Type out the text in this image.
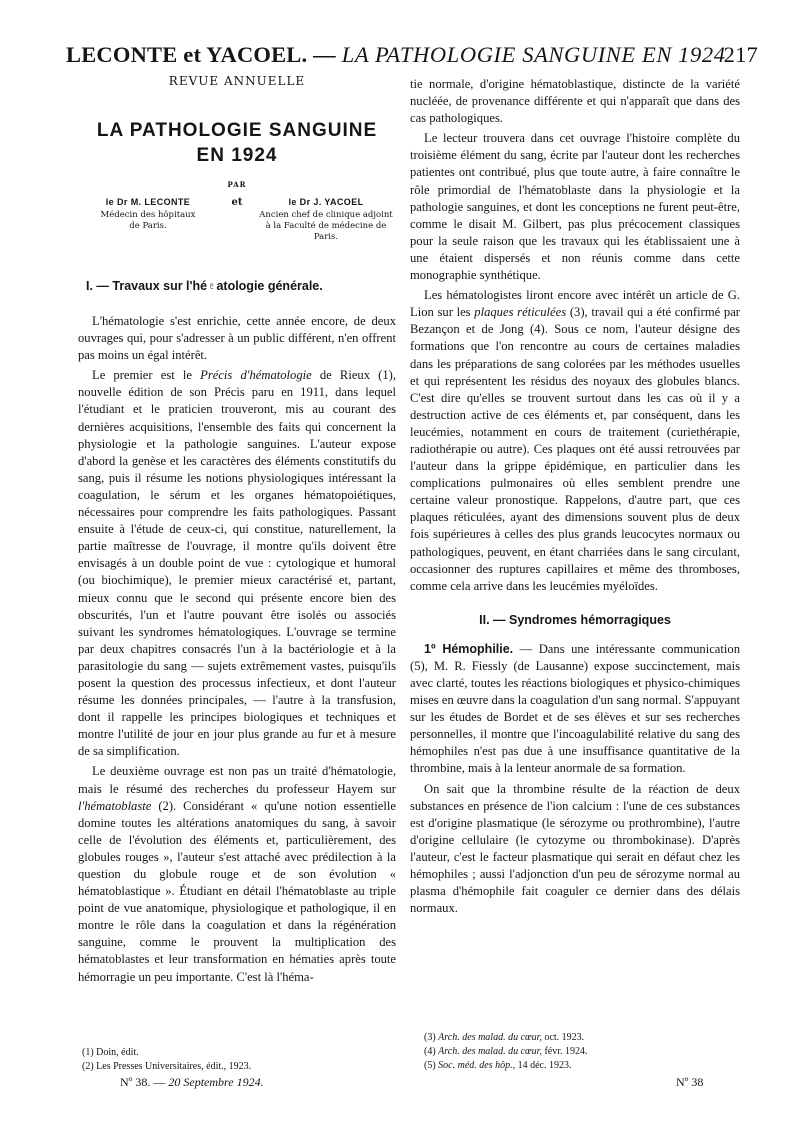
LECONTE et YACOEL. — LA PATHOLOGIE SANGUINE EN 1924
217
REVUE ANNUELLE
LA PATHOLOGIE SANGUINE
EN 1924
PAR
le Dr M. LECONTE
Médecin des hôpitaux
de Paris.
et	le Dr J. YACOEL
Ancien chef de clinique adjoint
à la Faculté de médecine de Paris.
I. — Travaux sur l'hé♇atologie générale.

L'hématologie s'est enrichie, cette année encore, de deux ouvrages qui, pour s'adresser à un public différent, n'en offrent pas moins un égal intérêt.

Le premier est le Précis d'hématologie de Rieux (1), nouvelle édition de son Précis paru en 1911, dans lequel l'étudiant et le praticien trouveront, mis au courant des dernières acquisitions, l'ensemble des faits qui concernent la physiologie et la pathologie sanguines. L'auteur expose d'abord la genèse et les caractères des éléments constitutifs du sang, puis il résume les notions physiologiques intéressant la coagulation, le sérum et les organes hématopoiétiques, nécessaires pour comprendre les faits pathologiques. Passant ensuite à l'étude de ceux-ci, qui constitue, naturellement, la partie maîtresse de l'ouvrage, il montre qu'ils doivent être envisagés à un double point de vue : cytologique et humoral (ou biochimique), le premier mieux caractérisé et, partant, mieux connu que le second qui présente encore bien des obscurités, l'un et l'autre pouvant être isolés ou associés suivant les syndromes hématologiques. L'ouvrage se termine par deux chapitres consacrés l'un à la bactériologie et à la parasitologie du sang — sujets extrêmement vastes, puisqu'ils posent la question des processus infectieux, et dont l'auteur résume les données principales, — l'autre à la transfusion, dont il rappelle les principes biologiques et techniques et montre l'utilité de jour en jour plus grande au fur et à mesure de sa simplification.

Le deuxième ouvrage est non pas un traité d'hématologie, mais le résumé des recherches du professeur Hayem sur l'hématoblaste (2). Considérant « qu'une notion essentielle domine toutes les altérations anatomiques du sang, à savoir celle de l'évolution des éléments et, particulièrement, des globules rouges », l'auteur s'est attaché avec prédilection à la question du globule rouge et de son évolution « hématoblastique ». Étudiant en détail l'hématoblaste au triple point de vue anatomique, physiologique et pathologique, il en montre le rôle dans la coagulation et dans la régénération sanguine, comme le prouvent la multiplication des hématoblastes et leur transformation en hématies après toute hémorragie un peu importante. C'est là l'héma-

tie normale, d'origine hématoblastique, distincte de la variété nucléée, de provenance différente et qui n'apparaît que dans des cas pathologiques.

Le lecteur trouvera dans cet ouvrage l'histoire complète du troisième élément du sang, écrite par l'auteur dont les recherches patientes ont contribué, plus que toute autre, à faire connaître le rôle primordial de l'hématoblaste dans la physiologie et la pathologie sanguines, et dont les conceptions ne furent peut-être, comme le disait M. Gilbert, pas plus précocement classiques pour la seule raison que les travaux qui les établissaient une à une étaient dispersés et non réunis comme dans cette monographie synthétique.

Les hématologistes liront encore avec intérêt un article de G. Lion sur les plaques réticulées (3), travail qui a été confirmé par Bezançon et de Jong (4). Sous ce nom, l'auteur désigne des formations que l'on rencontre au cours de certaines maladies dans les préparations de sang colorées par les méthodes usuelles et qui représentent les résidus des noyaux des globules blancs. C'est dire qu'elles se trouvent surtout dans les cas où il y a destruction active de ces éléments et, par conséquent, dans les leucémies, notamment en cours de traitement (curiethérapie, radiothérapie ou autre). Ces plaques ont été aussi retrouvées par l'auteur dans la grippe épidémique, en particulier dans les complications pulmonaires où elles semblent prendre une certaine valeur pronostique. Rappelons, d'autre part, que ces plaques réticulées, ayant des dimensions souvent plus de deux fois supérieures à celles des plus grands leucocytes normaux ou pathologiques, peuvent, en étant charriées dans le sang circulant, occasionner des ruptures capillaires et même des thromboses, comme cela arrive dans les leucémies myéloïdes.

II. — Syndromes hémorragiques

1º Hémophilie. — Dans une intéressante communication (5), M. R. Fiessly (de Lausanne) expose succinctement, mais avec clarté, toutes les réactions biologiques et physico-chimiques mises en œuvre dans la coagulation d'un sang normal. S'appuyant sur les études de Bordet et de ses élèves et sur ses recherches personnelles, il montre que l'incoagulabilité relative du sang des hémophiles n'est pas due à une insuffisance quantitative de la thrombine, mais à la lenteur anormale de sa formation.

On sait que la thrombine résulte de la réaction de deux substances en présence de l'ion calcium : l'une de ces substances est d'origine plasmatique (le sérozyme ou prothrombine), l'autre d'origine cellulaire (le cytozyme ou thrombokinase). D'après l'auteur, c'est le facteur plasmatique qui serait en défaut chez les hémophiles ; aussi l'adjonction d'un peu de sérozyme normal au plasma d'hémophile fait coaguler ce dernier dans des délais normaux.

(1) Doin, édit.
(2) Les Presses Universitaires, édit., 1923.
(3) Arch. des malad. du cœur, oct. 1923.
(4) Arch. des malad. du cœur, févr. 1924.
(5) Soc. méd. des hôp., 14 déc. 1923.
Nº 38. — 20 Septembre 1924.	Nº 38
